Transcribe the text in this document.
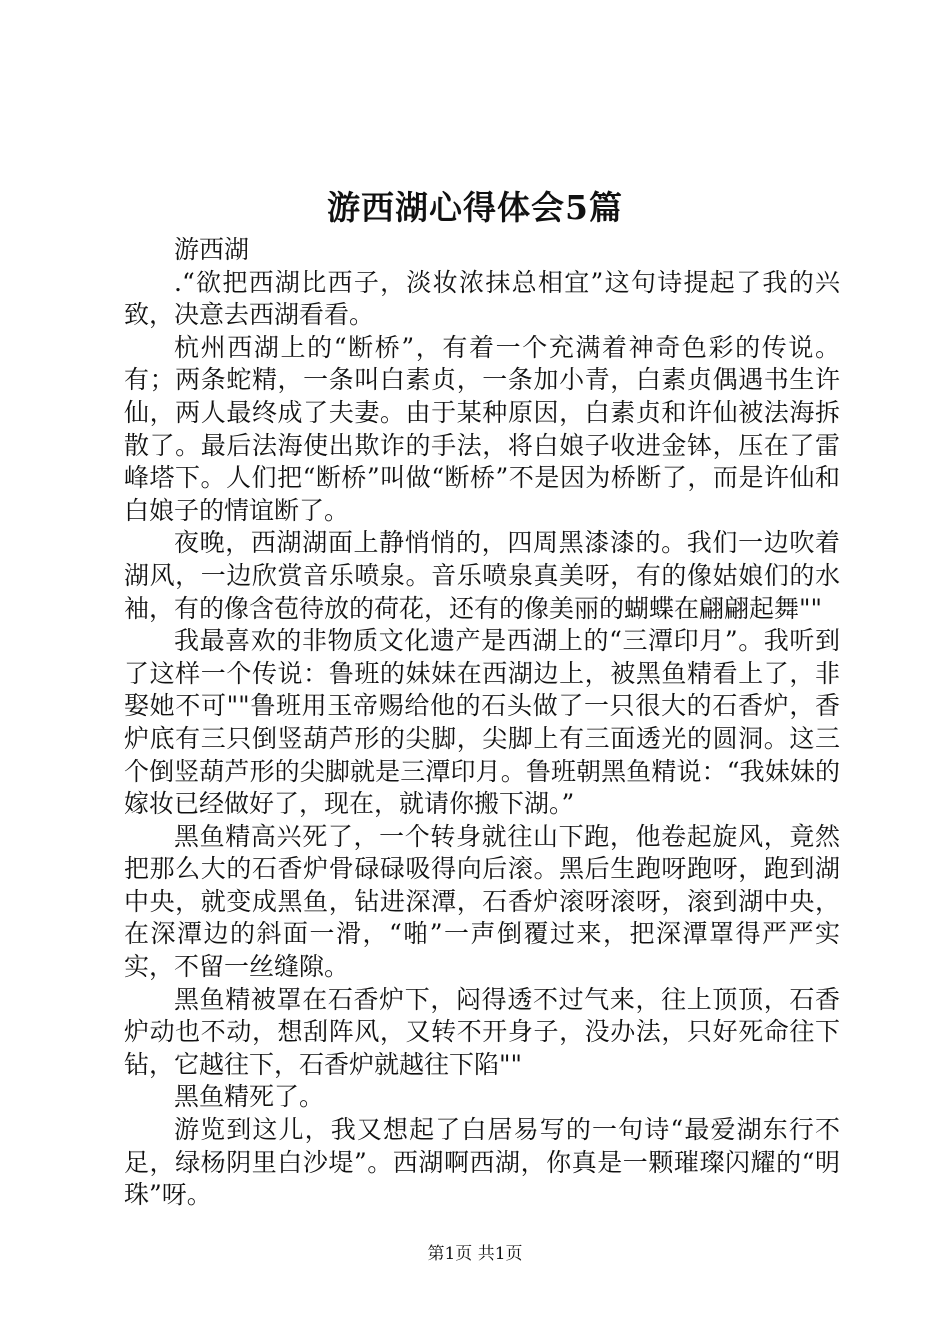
游西湖心得体会5篇

游西湖

.“欲把西湖比西子，淡妆浓抹总相宜”这句诗提起了我的兴致，决意去西湖看看。

杭州西湖上的“断桥”，有着一个充满着神奇色彩的传说。有；两条蛇精，一条叫白素贞，一条加小青，白素贞偶遇书生许仙，两人最终成了夫妻。由于某种原因，白素贞和许仙被法海拆散了。最后法海使出欺诈的手法，将白娘子收进金钵，压在了雷峰塔下。人们把“断桥”叫做“断桥”不是因为桥断了，而是许仙和白娘子的情谊断了。

夜晚，西湖湖面上静悄悄的，四周黑漆漆的。我们一边吹着湖风，一边欣赏音乐喷泉。音乐喷泉真美呀，有的像姑娘们的水袖，有的像含苞待放的荷花，还有的像美丽的蝴蝶在翩翩起舞""

我最喜欢的非物质文化遗产是西湖上的“三潭印月”。我听到了这样一个传说：鲁班的妹妹在西湖边上，被黑鱼精看上了，非娶她不可""鲁班用玉帝赐给他的石头做了一只很大的石香炉，香炉底有三只倒竖葫芦形的尖脚，尖脚上有三面透光的圆洞。这三个倒竖葫芦形的尖脚就是三潭印月。鲁班朝黑鱼精说：“我妹妹的嫁妆已经做好了，现在，就请你搬下湖。”

黑鱼精高兴死了，一个转身就往山下跑，他卷起旋风，竟然把那么大的石香炉骨碌碌吸得向后滚。黑后生跑呀跑呀，跑到湖中央，就变成黑鱼，钻进深潭，石香炉滚呀滚呀，滚到湖中央，在深潭边的斜面一滑，“啪”一声倒覆过来，把深潭罩得严严实实，不留一丝缝隙。

黑鱼精被罩在石香炉下，闷得透不过气来，往上顶顶，石香炉动也不动，想刮阵风，又转不开身子，没办法，只好死命往下钻，它越往下，石香炉就越往下陷""

黑鱼精死了。

游览到这儿，我又想起了白居易写的一句诗“最爱湖东行不足，绿杨阴里白沙堤”。西湖啊西湖，你真是一颗璀璨闪耀的“明珠”呀。

第1页 共1页
